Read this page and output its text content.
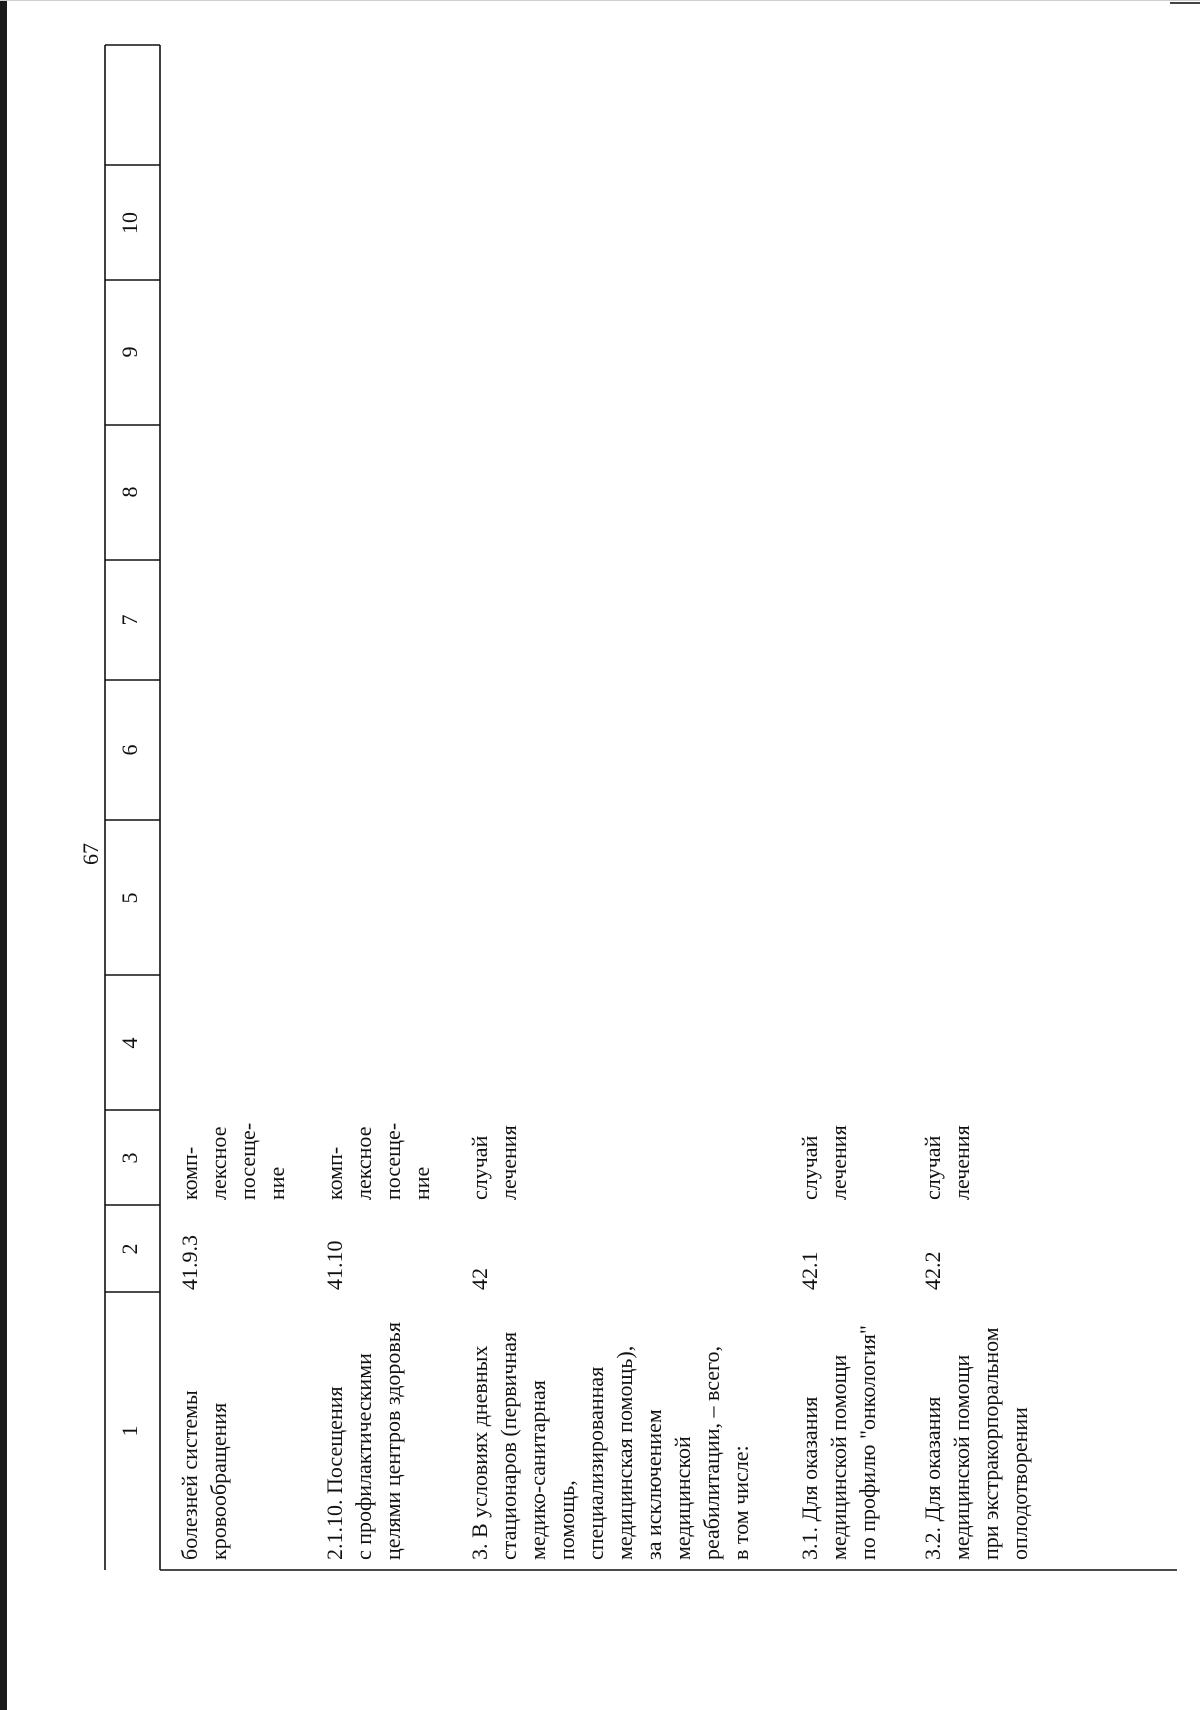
67
1
2
3
4
5
6
7
8
9
10
болезней системы кровообращения
41.9.3
комп- лексное посеще- ние
2.1.10. Посещения с профилактическими целями центров здоровья
41.10
комп- лексное посеще- ние
3. В условиях дневных стационаров (первичная медико-санитарная помощь, специализированная медицинская помощь), за исключением медицинской реабилитации, – всего, в том числе:
42
случай лечения
3.1. Для оказания медицинской помощи по профилю "онкология"
42.1
случай лечения
3.2. Для оказания медицинской помощи при экстракорпоральном оплодотворении
42.2
случай лечения
